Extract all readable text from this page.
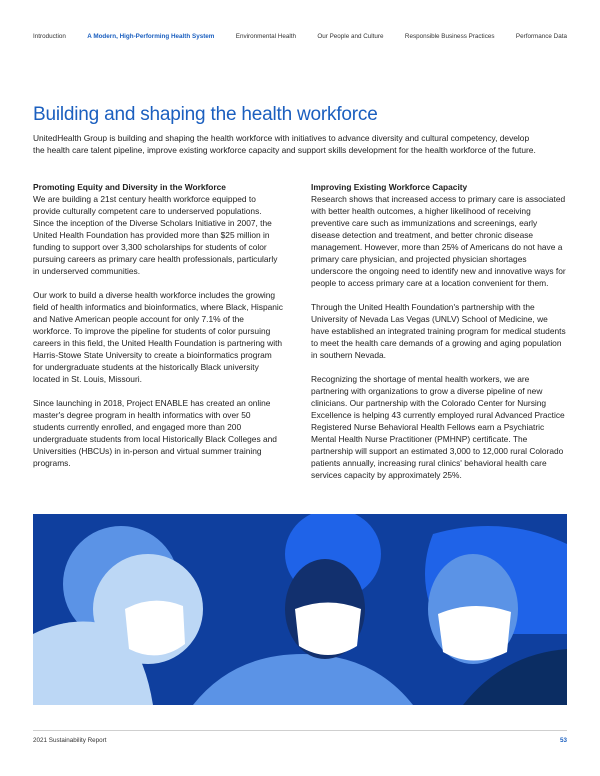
Introduction	A Modern, High-Performing Health System	Environmental Health	Our People and Culture	Responsible Business Practices	Performance Data
Building and shaping the health workforce

UnitedHealth Group is building and shaping the health workforce with initiatives to advance diversity and cultural competency, develop the health care talent pipeline, improve existing workforce capacity and support skills development for the health workforce of the future.

Promoting Equity and Diversity in the Workforce

We are building a 21st century health workforce equipped to provide culturally competent care to underserved populations. Since the inception of the Diverse Scholars Initiative in 2007, the United Health Foundation has provided more than $25 million in funding to support over 3,300 scholarships for students of color pursuing careers as primary care health professionals, particularly in underserved communities.

Our work to build a diverse health workforce includes the growing field of health informatics and bioinformatics, where Black, Hispanic and Native American people account for only 7.1% of the workforce. To improve the pipeline for students of color pursuing careers in this field, the United Health Foundation is partnering with Harris-Stowe State University to create a bioinformatics program for undergraduate students at the historically Black university located in St. Louis, Missouri.

Since launching in 2018, Project ENABLE has created an online master's degree program in health informatics with over 50 students currently enrolled, and engaged more than 200 undergraduate students from local Historically Black Colleges and Universities (HBCUs) in in-person and virtual summer training programs.

Improving Existing Workforce Capacity

Research shows that increased access to primary care is associated with better health outcomes, a higher likelihood of receiving preventive care such as immunizations and screenings, early disease detection and treatment, and better chronic disease management. However, more than 25% of Americans do not have a primary care physician, and projected physician shortages underscore the ongoing need to identify new and innovative ways for people to access primary care at a location convenient for them.

Through the United Health Foundation's partnership with the University of Nevada Las Vegas (UNLV) School of Medicine, we have established an integrated training program for medical students to meet the health care demands of a growing and aging population in southern Nevada.

Recognizing the shortage of mental health workers, we are partnering with organizations to grow a diverse pipeline of new clinicians. Our partnership with the Colorado Center for Nursing Excellence is helping 43 currently employed rural Advanced Practice Registered Nurse Behavioral Health Fellows earn a Psychiatric Mental Health Nurse Practitioner (PMHNP) certificate. The partnership will support an estimated 3,000 to 12,000 rural Colorado patients annually, increasing rural clinics' behavioral health care services capacity by approximately 25%.

2021 Sustainability Report	53
